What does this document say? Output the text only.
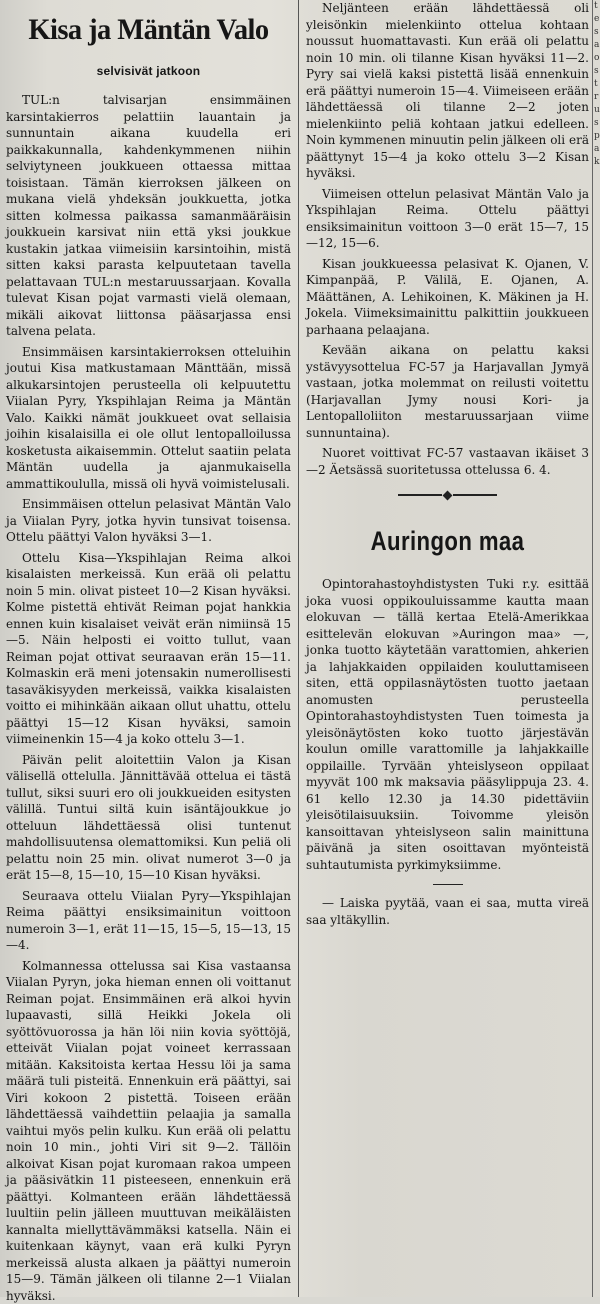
t
e
s
a
o
s
t
r
u
s
p
a
k
Kisa ja Mäntän Valo
selvisivät jatkoon

TUL:n talvisarjan ensimmäinen karsintakierros pelattiin lauantain ja sunnuntain aikana kuudella eri paikkakunnalla, kahdenkymmenen niihin selviytyneen joukkueen ottaessa mittaa toisistaan. Tämän kierroksen jälkeen on mukana vielä yhdeksän joukkuetta, jotka sitten kolmessa paikassa samanmääräisin joukkuein karsivat niin että yksi joukkue kustakin jatkaa viimeisiin karsintoihin, mistä sitten kaksi parasta kelpuutetaan tavella pelattavaan TUL:n mestaruussarjaan. Kovalla tulevat Kisan pojat varmasti vielä olemaan, mikäli aikovat liittonsa pääsarjassa ensi talvena pelata.

Ensimmäisen karsintakierroksen otteluihin joutui Kisa matkustamaan Mänttään, missä alkukarsintojen perusteella oli kelpuutettu Viialan Pyry, Ykspihlajan Reima ja Mäntän Valo. Kaikki nämät joukkueet ovat sellaisia joihin kisalaisilla ei ole ollut lentopalloilussa kosketusta aikaisemmin. Ottelut saatiin pelata Mäntän uudella ja ajanmukaisella ammattikoululla, missä oli hyvä voimistelusali.

Ensimmäisen ottelun pelasivat Mäntän Valo ja Viialan Pyry, jotka hyvin tunsivat toisensa. Ottelu päättyi Valon hyväksi 3—1.

Ottelu Kisa—Ykspihlajan Reima alkoi kisalaisten merkeissä. Kun erää oli pelattu noin 5 min. olivat pisteet 10—2 Kisan hyväksi. Kolme pistettä ehtivät Reiman pojat hankkia ennen kuin kisalaiset veivät erän nimiinsä 15—5. Näin helposti ei voitto tullut, vaan Reiman pojat ottivat seuraavan erän 15—11. Kolmaskin erä meni jotensakin numerollisesti tasaväkisyyden merkeissä, vaikka kisalaisten voitto ei mihinkään aikaan ollut uhattu, ottelu päättyi 15—12 Kisan hyväksi, samoin viimeinenkin 15—4 ja koko ottelu 3—1.

Päivän pelit aloitettiin Valon ja Kisan välisellä ottelulla. Jännittävää ottelua ei tästä tullut, siksi suuri ero oli joukkueiden esitysten välillä. Tuntui siltä kuin isäntäjoukkue jo otteluun lähdettäessä olisi tuntenut mahdollisuutensa olemattomiksi. Kun peliä oli pelattu noin 25 min. olivat numerot 3—0 ja erät 15—8, 15—10, 15—10 Kisan hyväksi.

Seuraava ottelu Viialan Pyry—Ykspihlajan Reima päättyi ensiksimainitun voittoon numeroin 3—1, erät 11—15, 15—5, 15—13, 15—4.

Kolmannessa ottelussa sai Kisa vastaansa Viialan Pyryn, joka hieman ennen oli voittanut Reiman pojat. Ensimmäinen erä alkoi hyvin lupaavasti, sillä Heikki Jokela oli syöttövuorossa ja hän löi niin kovia syöttöjä, etteivät Viialan pojat voineet kerrassaan mitään. Kaksitoista kertaa Hessu löi ja sama määrä tuli pisteitä. Ennenkuin erä päättyi, sai Viri kokoon 2 pistettä. Toiseen erään lähdettäessä vaihdettiin pelaajia ja samalla vaihtui myös pelin kulku. Kun erää oli pelattu noin 10 min., johti Viri sit 9—2. Tällöin alkoivat Kisan pojat kuromaan rakoa umpeen ja pääsivätkin 11 pisteeseen, ennenkuin erä päättyi. Kolmanteen erään lähdettäessä luultiin pelin jälleen muuttuvan meikäläisten kannalta miellyttävämmäksi katsella. Näin ei kuitenkaan käynyt, vaan erä kulki Pyryn merkeissä alusta alkaen ja päättyi numeroin 15—9. Tämän jälkeen oli tilanne 2—1 Viialan hyväksi.

Neljänteen erään lähdettäessä oli yleisönkin mielenkiinto ottelua kohtaan noussut huomattavasti. Kun erää oli pelattu noin 10 min. oli tilanne Kisan hyväksi 11—2. Pyry sai vielä kaksi pistettä lisää ennenkuin erä päättyi numeroin 15—4. Viimeiseen erään lähdettäessä oli tilanne 2—2 joten mielenkiinto peliä kohtaan jatkui edelleen. Noin kymmenen minuutin pelin jälkeen oli erä päättynyt 15—4 ja koko ottelu 3—2 Kisan hyväksi.

Viimeisen ottelun pelasivat Mäntän Valo ja Ykspihlajan Reima. Ottelu päättyi ensiksimainitun voittoon 3—0 erät 15—7, 15—12, 15—6.

Kisan joukkueessa pelasivat K. Ojanen, V. Kimpanpää, P. Välilä, E. Ojanen, A. Määttänen, A. Lehikoinen, K. Mäkinen ja H. Jokela. Viimeksimainittu palkittiin joukkueen parhaana pelaajana.

Kevään aikana on pelattu kaksi ystävyysottelua FC-57 ja Harjavallan Jymyä vastaan, jotka molemmat on reilusti voitettu (Harjavallan Jymy nousi Kori- ja Lentopalloliiton mestaruussarjaan viime sunnuntaina).

Nuoret voittivat FC-57 vastaavan ikäiset 3—2 Äetsässä suoritetussa ottelussa 6. 4.

Auringon maa

Opintorahastoyhdistysten Tuki r.y. esittää joka vuosi oppikouluissamme kautta maan elokuvan — tällä kertaa Etelä-Amerikkaa esittelevän elokuvan »Auringon maa» —, jonka tuotto käytetään varattomien, ahkerien ja lahjakkaiden oppilaiden kouluttamiseen siten, että oppilasnäytösten tuotto jaetaan anomusten perusteella Opintorahastoyhdistysten Tuen toimesta ja yleisönäytösten koko tuotto järjestävän koulun omille varattomille ja lahjakkaille oppilaille. Tyrvään yhteislyseon oppilaat myyvät 100 mk maksavia pääsylippuja 23. 4. 61 kello 12.30 ja 14.30 pidettäviin yleisötilaisuuksiin. Toivomme yleisön kansoittavan yhteislyseon salin mainittuna päivänä ja siten osoittavan myönteistä suhtautumista pyrkimyksiimme.

— Laiska pyytää, vaan ei saa, mutta vireä saa yltäkyllin.
